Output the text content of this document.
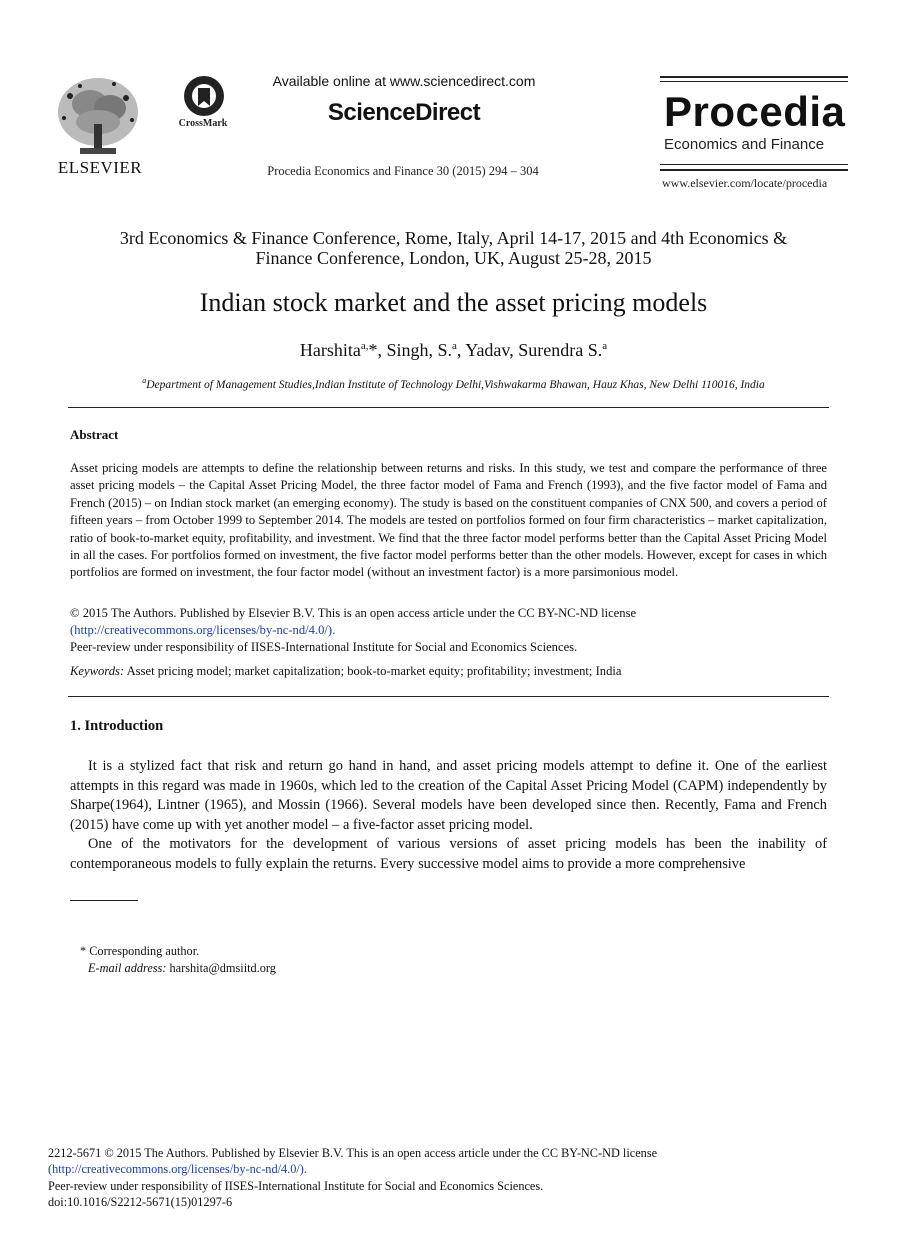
ELSEVIER
CrossMark
Available online at www.sciencedirect.com
ScienceDirect
Procedia Economics and Finance 30 (2015) 294 – 304
Procedia
Economics and Finance
www.elsevier.com/locate/procedia
3rd Economics & Finance Conference, Rome, Italy, April 14-17, 2015 and 4th Economics &
Finance Conference, London, UK, August 25-28, 2015
Indian stock market and the asset pricing models
Harshita$^{a,}$*, Singh, S.$^a$, Yadav, Surendra S.$^a$
$^a$Department of Management Studies,Indian Institute of Technology Delhi,Vishwakarma Bhawan, Hauz Khas, New Delhi 110016, India
Abstract
Asset pricing models are attempts to define the relationship between returns and risks. In this study, we test and compare the performance of three asset pricing models – the Capital Asset Pricing Model, the three factor model of Fama and French (1993), and the five factor model of Fama and French (2015) – on Indian stock market (an emerging economy). The study is based on the constituent companies of CNX 500, and covers a period of fifteen years – from October 1999 to September 2014. The models are tested on portfolios formed on four firm characteristics – market capitalization, ratio of book-to-market equity, profitability, and investment. We find that the three factor model performs better than the Capital Asset Pricing Model in all the cases. For portfolios formed on investment, the five factor model performs better than the other models. However, except for cases in which portfolios are formed on investment, the four factor model (without an investment factor) is a more parsimonious model.
© 2015 The Authors. Published by Elsevier B.V. This is an open access article under the CC BY-NC-ND license
(http://creativecommons.org/licenses/by-nc-nd/4.0/).
Peer-review under responsibility of IISES-International Institute for Social and Economics Sciences.
Keywords: Asset pricing model; market capitalization; book-to-market equity; profitability; investment; India
1. Introduction

It is a stylized fact that risk and return go hand in hand, and asset pricing models attempt to define it. One of the earliest attempts in this regard was made in 1960s, which led to the creation of the Capital Asset Pricing Model (CAPM) independently by Sharpe(1964), Lintner (1965), and Mossin (1966). Several models have been developed since then. Recently, Fama and French (2015) have come up with yet another model – a five-factor asset pricing model.

One of the motivators for the development of various versions of asset pricing models has been the inability of contemporaneous models to fully explain the returns. Every successive model aims to provide a more comprehensive

* Corresponding author.
E-mail address: harshita@dmsiitd.org
2212-5671 © 2015 The Authors. Published by Elsevier B.V. This is an open access article under the CC BY-NC-ND license
(http://creativecommons.org/licenses/by-nc-nd/4.0/).
Peer-review under responsibility of IISES-International Institute for Social and Economics Sciences.
doi:10.1016/S2212-5671(15)01297-6
